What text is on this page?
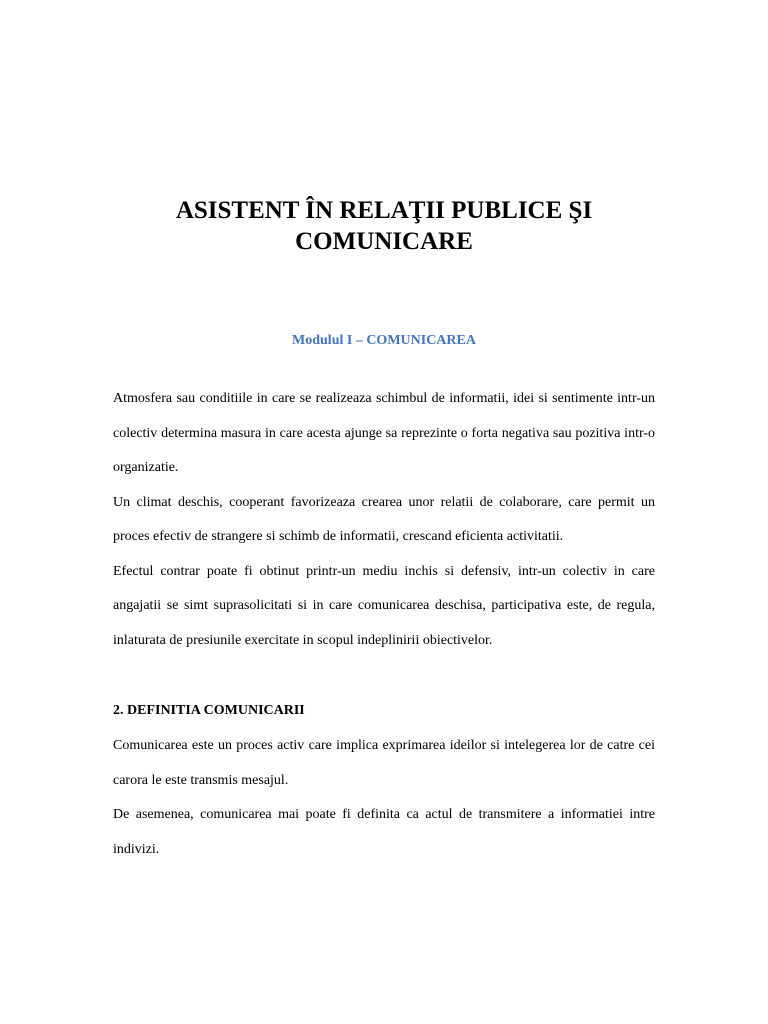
ASISTENT ÎN RELAŢII PUBLICE ŞI
COMUNICARE
Modulul I – COMUNICAREA

Atmosfera sau conditiile in care se realizeaza schimbul de informatii, idei si sentimente intr-un colectiv determina masura in care acesta ajunge sa reprezinte o forta negativa sau pozitiva intr-o organizatie.

Un climat deschis, cooperant favorizeaza crearea unor relatii de colaborare, care permit un proces efectiv de strangere si schimb de informatii, crescand eficienta activitatii.

Efectul contrar poate fi obtinut printr-un mediu inchis si defensiv, intr-un colectiv in care angajatii se simt suprasolicitati si in care comunicarea deschisa, participativa este, de regula, inlaturata de presiunile exercitate in scopul indeplinirii obiectivelor.

2. DEFINITIA COMUNICARII

Comunicarea este un proces activ care implica exprimarea ideilor si intelegerea lor de catre cei carora le este transmis mesajul.

De asemenea, comunicarea mai poate fi definita ca actul de transmitere a informatiei intre indivizi.
